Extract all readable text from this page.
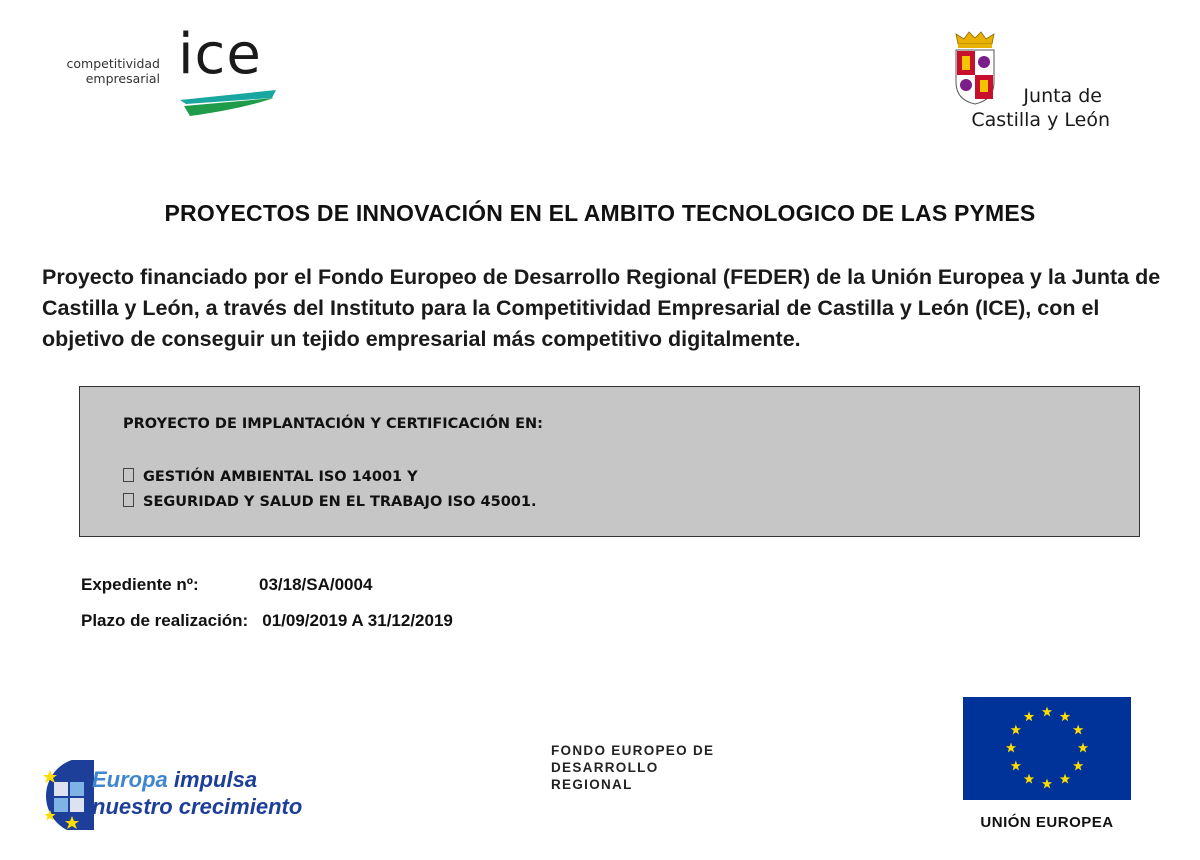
competitividad
empresarial ice
Junta de
Castilla y León
PROYECTOS DE INNOVACIÓN EN EL AMBITO TECNOLOGICO DE LAS PYMES
Proyecto financiado por el Fondo Europeo de Desarrollo Regional (FEDER) de la Unión Europea y la Junta de Castilla y León, a través del Instituto para la Competitividad Empresarial de Castilla y León (ICE), con el objetivo de conseguir un tejido empresarial más competitivo digitalmente.
PROYECTO DE IMPLANTACIÓN Y CERTIFICACIÓN EN:
GESTIÓN AMBIENTAL ISO 14001 Y
SEGURIDAD Y SALUD EN EL TRABAJO ISO 45001.
Expediente nº:	03/18/SA/0004
Plazo de realización: 01/09/2019 A 31/12/2019
Europa impulsa
nuestro crecimiento
FONDO EUROPEO DE
DESARROLLO
REGIONAL
UNIÓN EUROPEA
